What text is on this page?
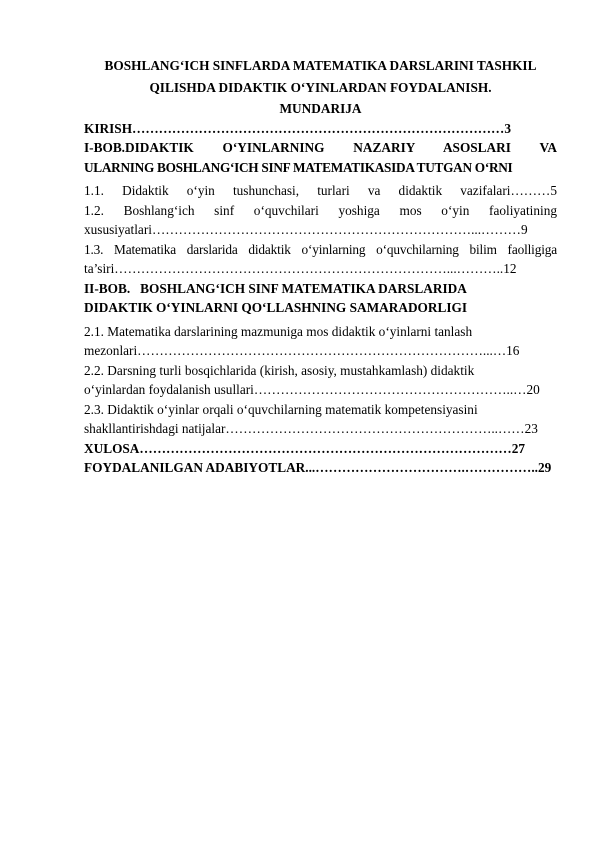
BOSHLANG‘ICH SINFLARDA MATEMATIKA DARSLARINI TASHKIL
QILISHDA DIDAKTIK O‘YINLARDAN FOYDALANISH.
MUNDARIJA
KIRISH…………………………………………………………………………3
I-BOB.DIDAKTIK O‘YINLARNING NAZARIY ASOSLARI VA
ULARNING BOSHLANG‘ICH SINF MATEMATIKASIDA TUTGAN O‘RNI
1.1. Didaktik o‘yin tushunchasi, turlari va didaktik vazifalari………5
1.2. Boshlang‘ich sinf o‘quvchilari yoshiga mos o‘yin faoliyatining
xususiyatlari………………………………………………………………...………9
1.3. Matematika darslarida didaktik o‘yinlarning o‘quvchilarning bilim faolligiga
ta’siri…………………………………………………………………...………..12
II-BOB.   BOSHLANG‘ICH SINF MATEMATIKA DARSLARIDA
DIDAKTIK O‘YINLARNI QO‘LLASHNING SAMARADORLIGI
2.1. Matematika darslarining mazmuniga mos didaktik o‘yinlarni tanlash
mezonlari……………………………………………………………………...…16
2.2. Darsning turli bosqichlarida (kirish, asosiy, mustahkamlash) didaktik
o‘yinlardan foydalanish usullari…………………………………………………..…20
2.3. Didaktik o‘yinlar orqali o‘quvchilarning matematik kompetensiyasini
shakllantirishdagi natijalar……………………………………………………..……23
XULOSA…………………………………………………………………………27
FOYDALANILGAN ADABIYOTLAR...…………………………….……………..29
